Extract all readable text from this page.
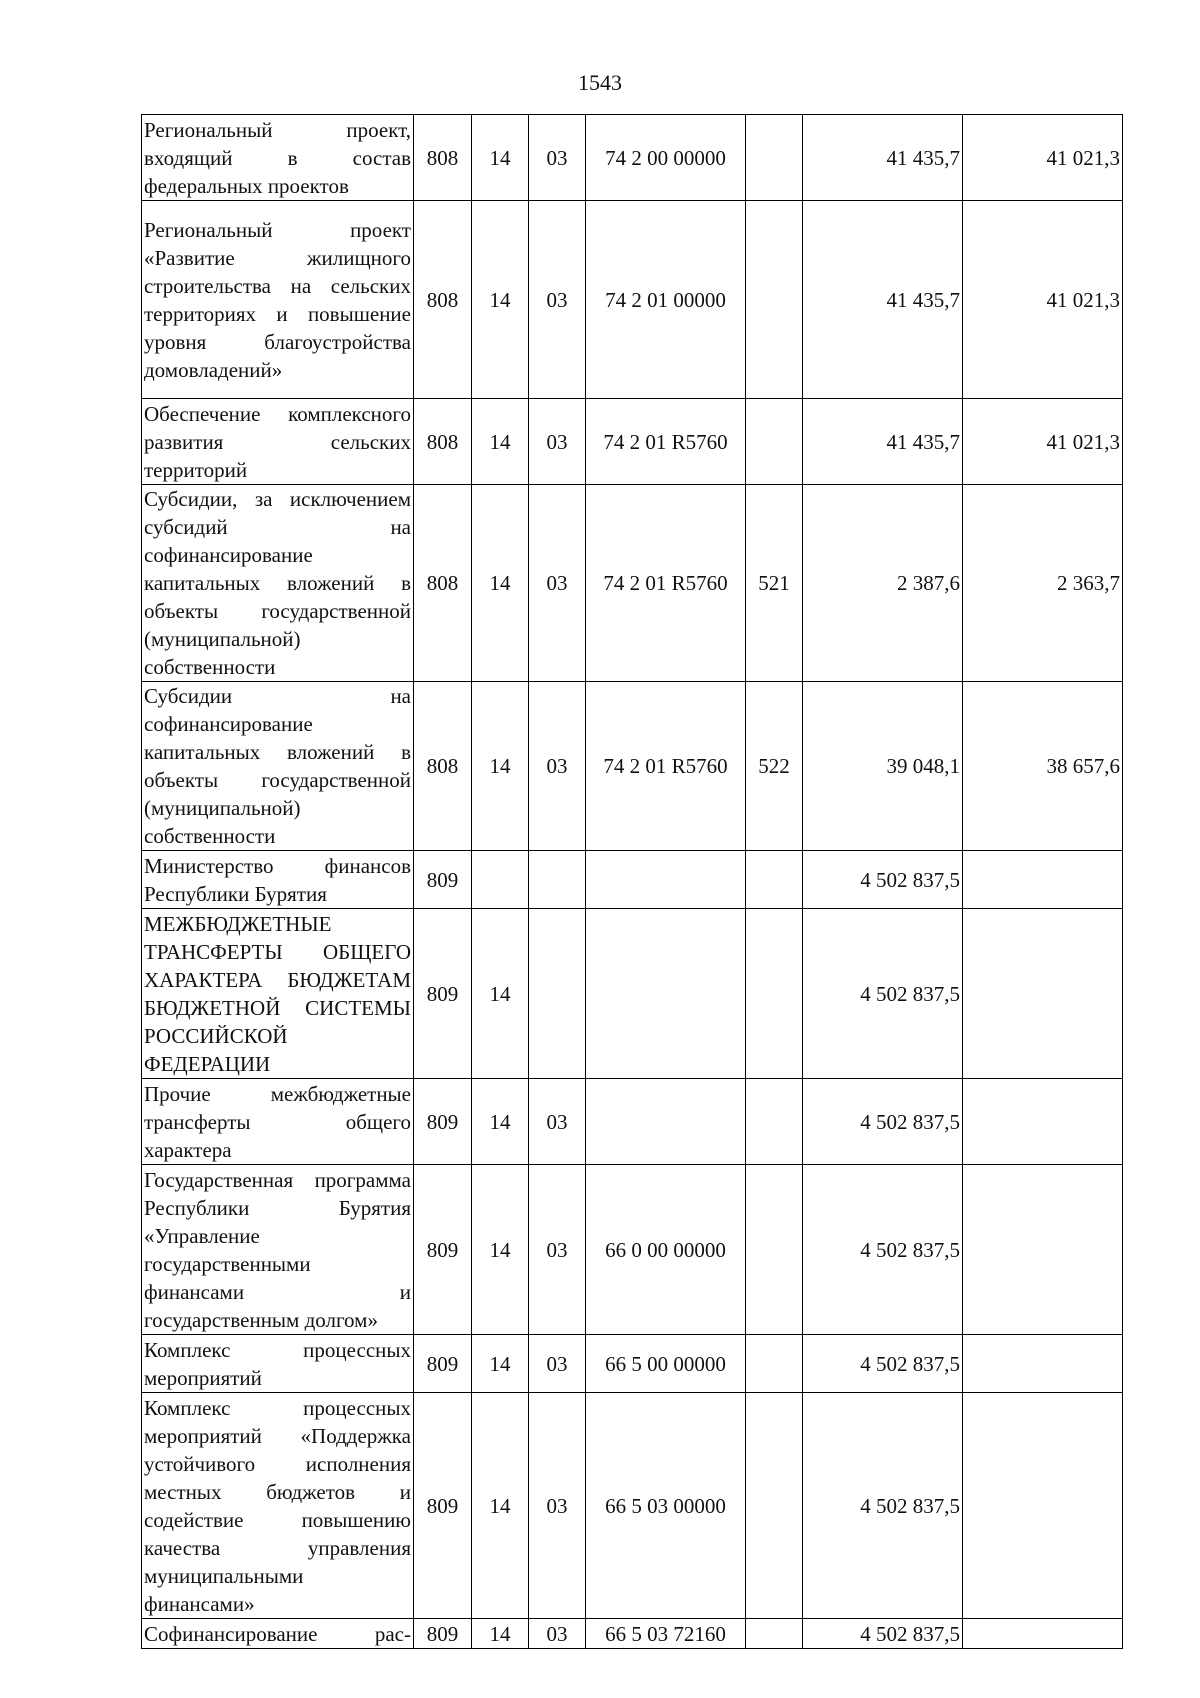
1543
Региональный проект, входящий в состав федеральных проектов	808	14	03	74 2 00 00000		41 435,7	41 021,3
Региональный проект «Развитие жилищного строительства на сельских территориях и повышение уровня благоустройства домовладений»	808	14	03	74 2 01 00000		41 435,7	41 021,3
Обеспечение комплексного развития сельских территорий	808	14	03	74 2 01 R5760		41 435,7	41 021,3
Субсидии, за исключением субсидий на софинансирование капитальных вложений в объекты государственной (муниципальной) собственности	808	14	03	74 2 01 R5760	521	2 387,6	2 363,7
Субсидии на софинансирование капитальных вложений в объекты государственной (муниципальной) собственности	808	14	03	74 2 01 R5760	522	39 048,1	38 657,6
Министерство финансов Республики Бурятия	809					4 502 837,5	
МЕЖБЮДЖЕТНЫЕ ТРАНСФЕРТЫ ОБЩЕГО ХАРАКТЕРА БЮДЖЕТАМ БЮДЖЕТНОЙ СИСТЕМЫ РОССИЙСКОЙ ФЕДЕРАЦИИ	809	14				4 502 837,5	
Прочие межбюджетные трансферты общего характера	809	14	03			4 502 837,5	
Государственная программа Республики Бурятия «Управление государственными финансами и государственным долгом»	809	14	03	66 0 00 00000		4 502 837,5	
Комплекс процессных мероприятий	809	14	03	66 5 00 00000		4 502 837,5	
Комплекс процессных мероприятий «Поддержка устойчивого исполнения местных бюджетов и содействие повышению качества управления муниципальными финансами»	809	14	03	66 5 03 00000		4 502 837,5	
Софинансирование рас-	809	14	03	66 5 03 72160		4 502 837,5	
